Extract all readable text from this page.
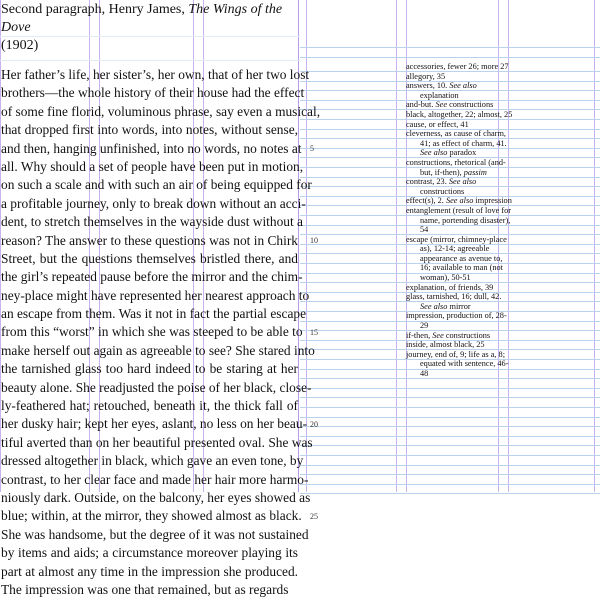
Second paragraph, Henry James, The Wings of the Dove
(1902)
Her father’s life, her sister’s, her own, that of her two lost
brothers—the whole history of their house had the effect
of some fine florid, voluminous phrase, say even a musical,
that dropped first into words, into notes, without sense,
and then, hanging unfinished, into no words, no notes at
all. Why should a set of people have been put in motion,
on such a scale and with such an air of being equipped for
a profitable journey, only to break down without an acci-
dent, to stretch themselves in the wayside dust without a
reason? The answer to these questions was not in Chirk
Street, but the questions themselves bristled there, and
the girl’s repeated pause before the mirror and the chim-
ney-place might have represented her nearest approach to
an escape from them. Was it not in fact the partial escape
from this “worst” in which she was steeped to be able to
make herself out again as agreeable to see? She stared into
the tarnished glass too hard indeed to be staring at her
beauty alone. She readjusted the poise of her black, close-
ly-feathered hat; retouched, beneath it, the thick fall of
her dusky hair; kept her eyes, aslant, no less on her beau-
tiful averted than on her beautiful presented oval. She was
dressed altogether in black, which gave an even tone, by
contrast, to her clear face and made her hair more harmo-
niously dark. Outside, on the balcony, her eyes showed as
blue; within, at the mirror, they showed almost as black.
She was handsome, but the degree of it was not sustained
by items and aids; a circumstance moreover playing its
part at almost any time in the impression she produced.
The impression was one that remained, but as regards
5
10
15
20
25
accessories, fewer 26; more 27
allegory, 35
answers, 10. See also explanation
and-but. See constructions
black, altogether, 22; almost, 25
cause, or effect, 41
cleverness, as cause of charm, 41; as effect of charm, 41. See also paradox
constructions, rhetorical (and-but, if-then), passim
contrast, 23. See also constructions
effect(s), 2. See also impression
entanglement (result of love for name, portending disaster), 54
escape (mirror, chimney-place as), 12-14; agreeable appearance as avenue to, 16; available to man (not woman), 50-51
explanation, of friends, 39
glass, tarnished, 16; dull, 42. See also mirror
impression, production of, 28-29
if-then, See constructions
inside, almost black, 25
journey, end of, 9; life as a, 8; equated with sentence, 46-48
